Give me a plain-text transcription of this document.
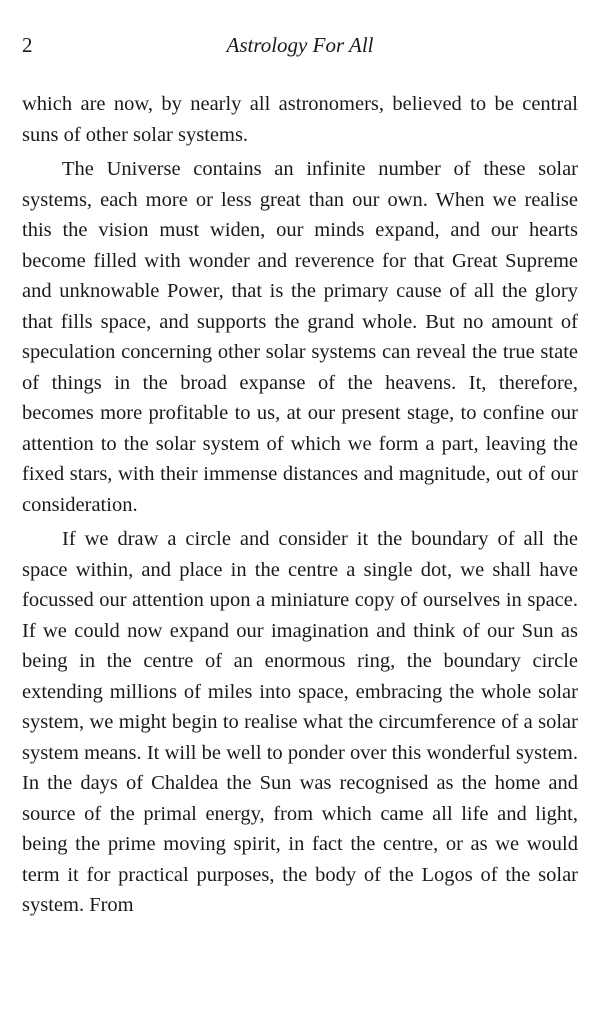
2	Astrology For All

which are now, by nearly all astronomers, believed to be central suns of other solar systems.

The Universe contains an infinite number of these solar systems, each more or less great than our own. When we realise this the vision must widen, our minds expand, and our hearts become filled with wonder and reverence for that Great Supreme and unknowable Power, that is the primary cause of all the glory that fills space, and supports the grand whole. But no amount of speculation concerning other solar systems can reveal the true state of things in the broad expanse of the heavens. It, therefore, becomes more profitable to us, at our present stage, to confine our attention to the solar system of which we form a part, leaving the fixed stars, with their immense distances and magnitude, out of our consideration.

If we draw a circle and consider it the boundary of all the space within, and place in the centre a single dot, we shall have focussed our attention upon a miniature copy of ourselves in space. If we could now expand our imagination and think of our Sun as being in the centre of an enormous ring, the boundary circle extending millions of miles into space, embracing the whole solar system, we might begin to realise what the circumference of a solar system means. It will be well to ponder over this wonderful system. In the days of Chaldea the Sun was recognised as the home and source of the primal energy, from which came all life and light, being the prime moving spirit, in fact the centre, or as we would term it for practical purposes, the body of the Logos of the solar system. From
